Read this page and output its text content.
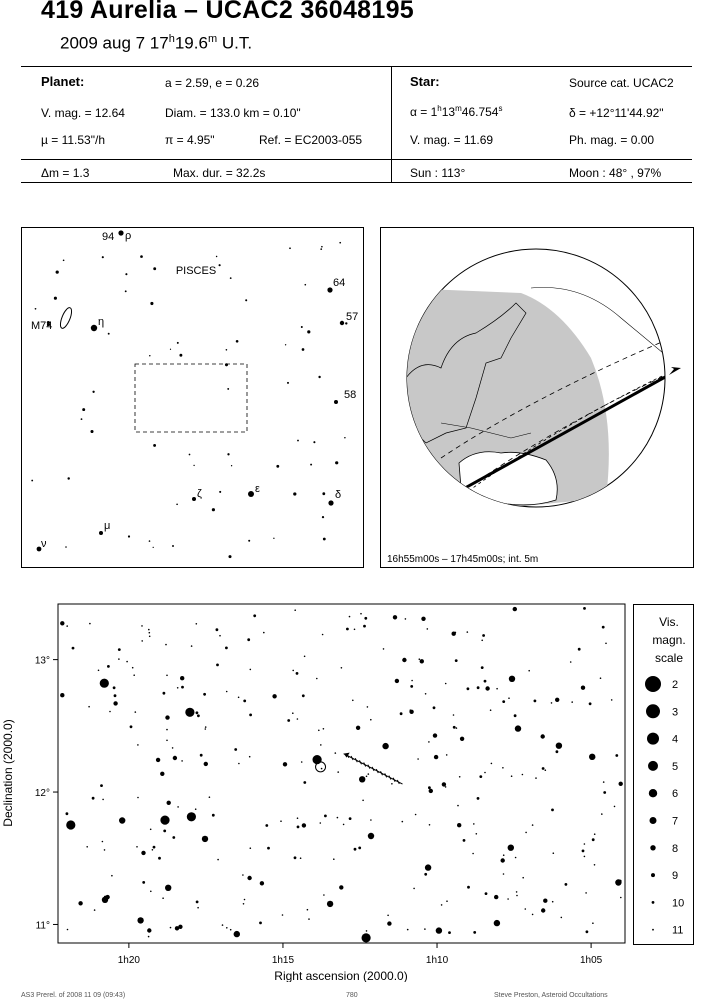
419 Aurelia – UCAC2 36048195
2009 aug 7 17$^h$19.6$^m$ U.T.
Planet:	a = 2.59, e = 0.26
V. mag. = 12.64	Diam. = 133.0 km = 0.10"
µ = 11.53"/h	π = 4.95"	Ref. = EC2003-055
Star:	Source cat. UCAC2
$\alpha = 1^h13^m46.754^s$	δ = +12°11'44.92"
V. mag. = 11.69	Ph. mag. = 0.00
Δm = 1.3	Max. dur. = 32.2s	Sun : 113°	Moon : 48° , 97%
PISCES
94 ρ
64
57
M74	η
58
ζ	ε	δ
μ
ν
16h55m00s – 17h45m00s; int. 5m
1h20	1h15	1h10	1h05
13°
12°
11°
Right ascension (2000.0)
Declination (2000.0)
Vis.
magn.
scale
2
3
4
5
6
7
8
9
10
11
AS3 Prerel. of 2008 11 09 (09:43)	780	Steve Preston, Asteroid Occultations
